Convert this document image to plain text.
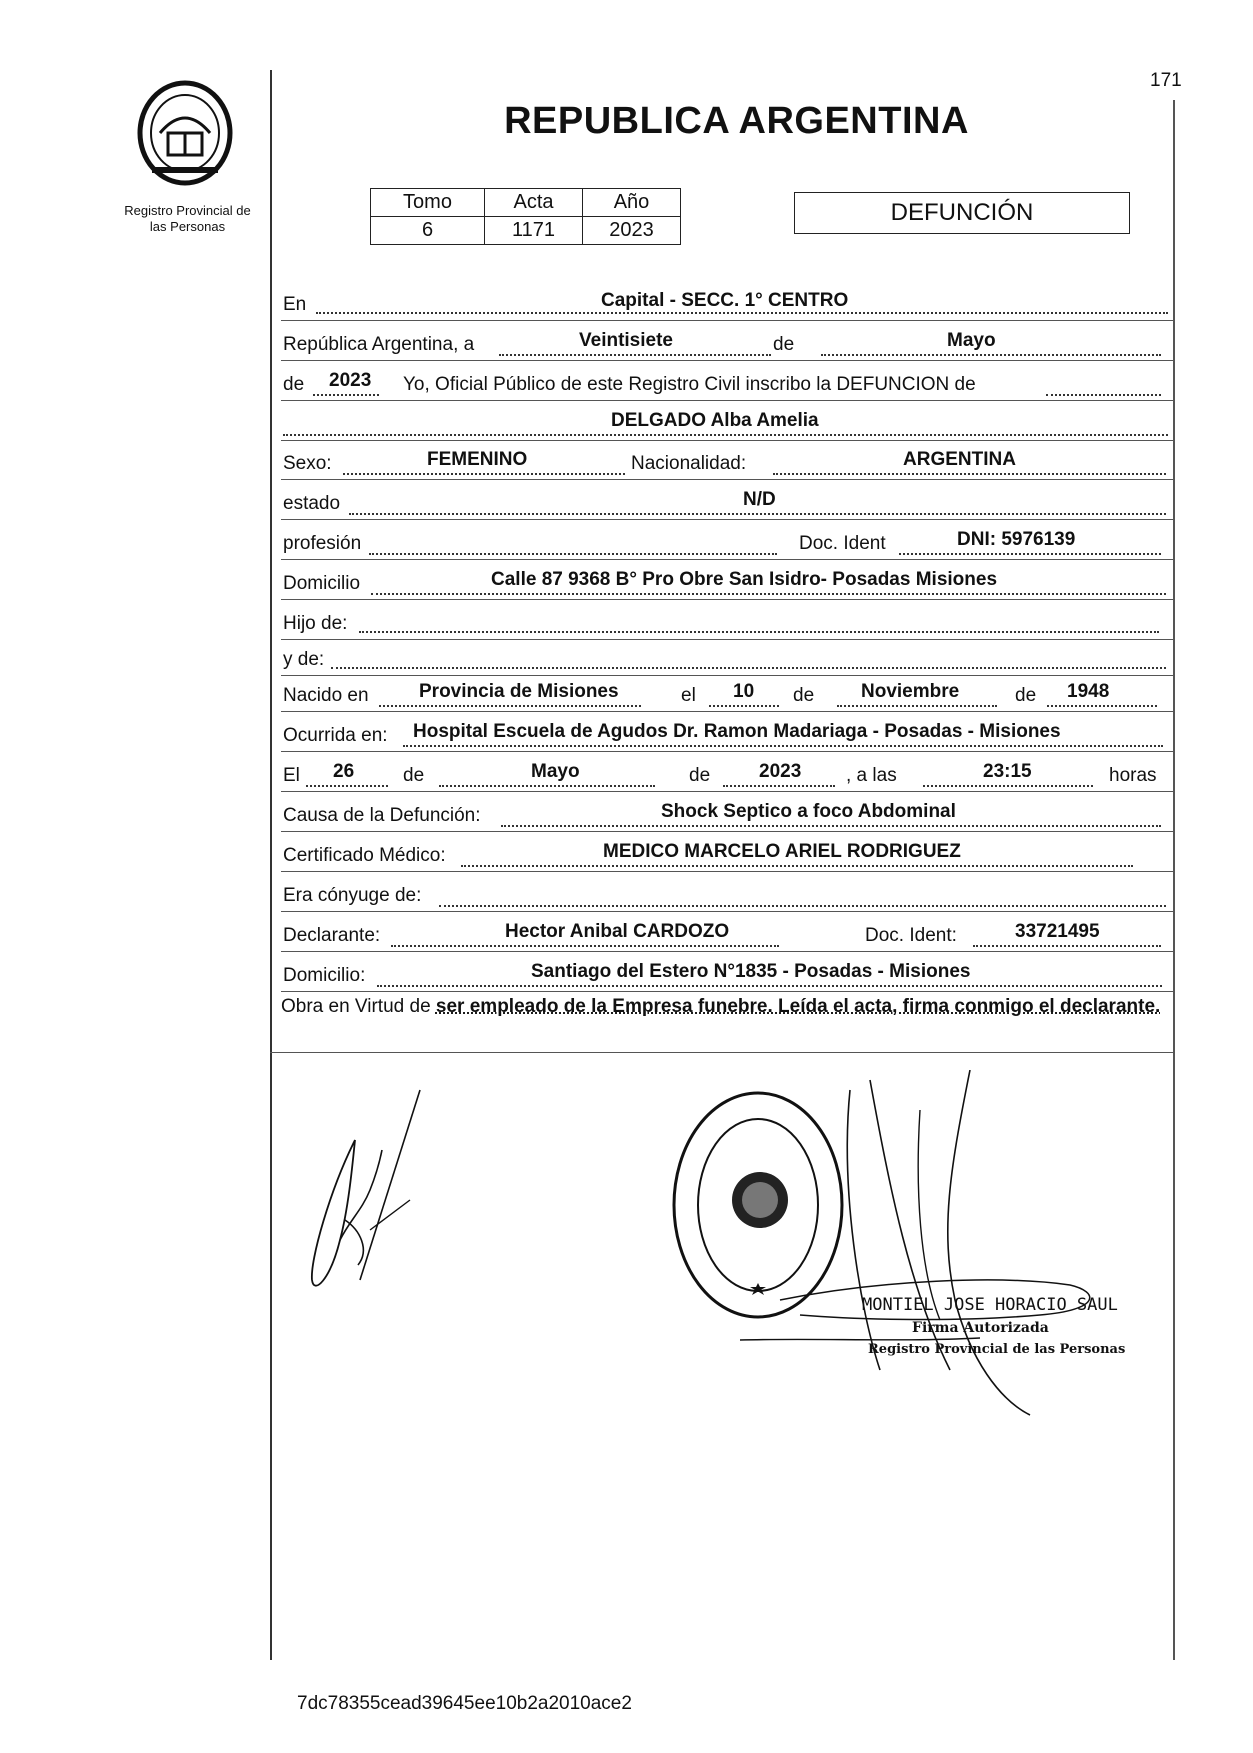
171
Registro Provincial de
las Personas
REPUBLICA ARGENTINA
Tomo	Acta	Año
6	1171	2023
DEFUNCIÓN
En	Capital - SECC. 1° CENTRO
República Argentina, a	Veintisiete	de	Mayo
de 2023 Yo, Oficial Público de este Registro Civil inscribo la DEFUNCION de
DELGADO Alba Amelia
Sexo:	FEMENINO	Nacionalidad:	ARGENTINA
estado	N/D
profesión	Doc. Ident	DNI: 5976139
Domicilio	Calle 87 9368 B° Pro Obre San Isidro- Posadas Misiones
Hijo de:
y de:
Nacido en	Provincia de Misiones	el 10 de Noviembre	de 1948
Ocurrida en: Hospital Escuela de Agudos Dr. Ramon Madariaga - Posadas - Misiones
El 26	de	Mayo	de	2023 , a las	23:15	horas
Causa de la Defunción:	Shock Septico a foco Abdominal
Certificado Médico:	MEDICO MARCELO ARIEL RODRIGUEZ
Era cónyuge de:
Declarante:	Hector Anibal CARDOZO	Doc. Ident:	33721495
Domicilio:	Santiago del Estero N°1835 - Posadas - Misiones
Obra en Virtud de ser empleado de la Empresa funebre. Leída el acta, firma conmigo el declarante.
MONTIEL JOSE HORACIO SAUL
Firma Autorizada
Registro Provincial de las Personas
7dc78355cead39645ee10b2a2010ace2
